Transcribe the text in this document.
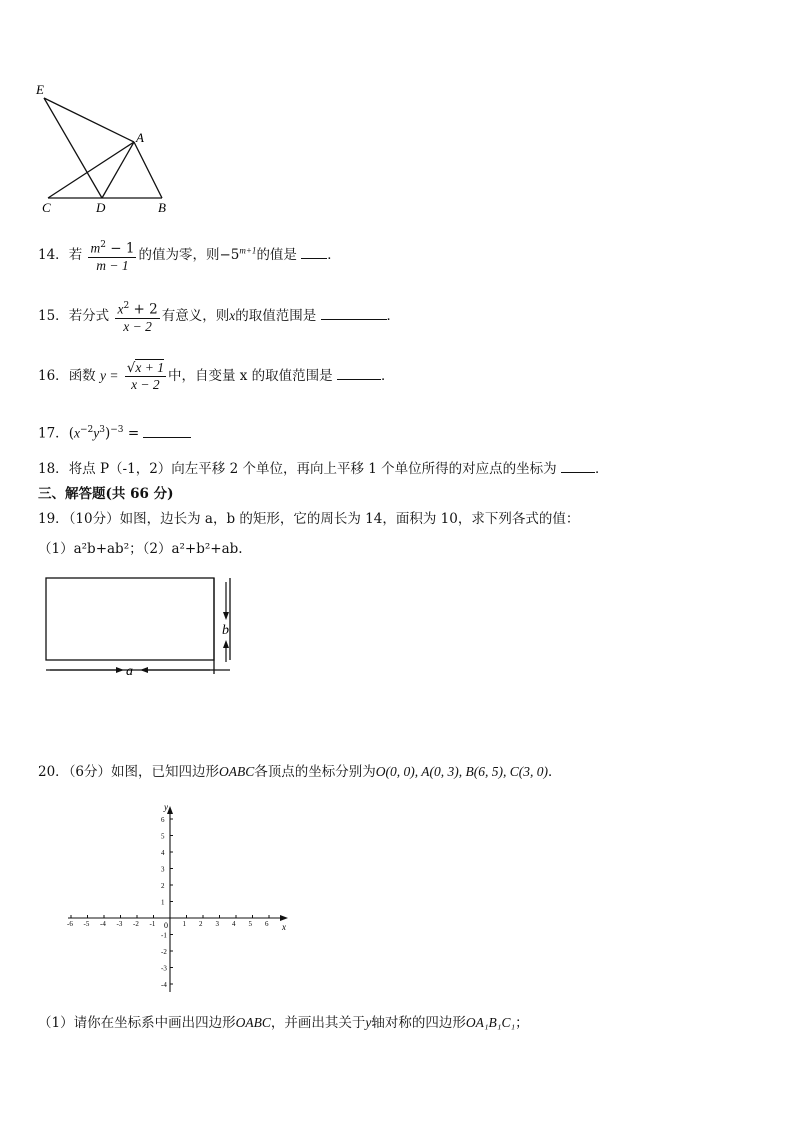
E
A
C	D	B
14．若 $\frac{m^2 - 1}{m - 1}$ 的值为零，则$-5^{m+1}$的值是 ．
15．若分式 $\frac{x^2 + 2}{x - 2}$ 有意义，则x的取值范围是	．
16．函数 $y = \frac{√x + 1}{x - 2}$ 中，自变量 x 的取值范围是	．
17．$(x^{-2}y^3)^{-3}$ =
18．将点 P（-1，2）向左平移 2 个单位，再向上平移 1 个单位所得的对应点的坐标为	．
三、解答题(共 66 分)
19．（10分）如图，边长为 a，b 的矩形，它的周长为 14，面积为 10，求下列各式的值：
（1）a²b+ab²；（2）a²+b²+ab.
b
a
20．（6分）如图，已知四边形OABC各顶点的坐标分别为O(0, 0), A(0, 3), B(6, 5), C(3, 0)．
x
y
0
-6 -5 -4 -3 -2 -1	1 2 3 4 5 6
6
5
4
3
2
1
-1
-2
-3
-4
（1）请你在坐标系中画出四边形OABC，并画出其关于y轴对称的四边形OA₁B₁C₁；
